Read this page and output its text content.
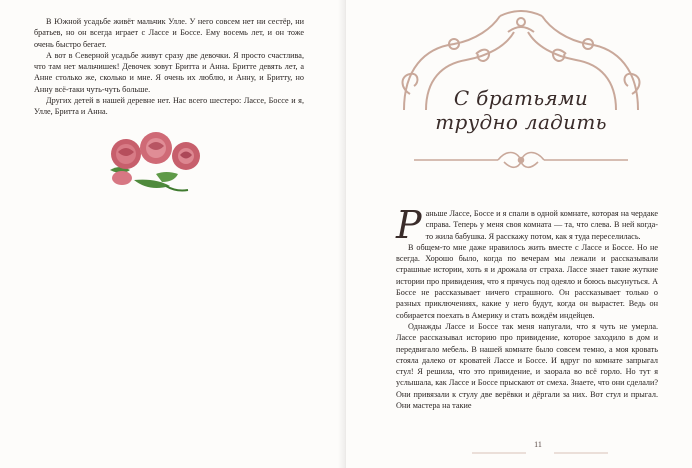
В Южной усадьбе живёт мальчик Улле. У него совсем нет ни сестёр, ни братьев, но он всегда играет с Лассе и Боссе. Ему восемь лет, и он тоже очень быстро бегает.

А вот в Северной усадьбе живут сразу две девочки. Я просто счастлива, что там нет мальчишек! Девочек зовут Бритта и Анна. Бритте девять лет, а Анне столько же, сколько и мне. Я очень их люблю, и Анну, и Бритту, но Анну всё-таки чуть-чуть больше.

Других детей в нашей деревне нет. Нас всего шестеро: Лассе, Боссе и я, Улле, Бритта и Анна.

С братьями
трудно ладить

Раньше Лассе, Боссе и я спали в одной комнате, которая на чердаке справа. Теперь у меня своя комната — та, что слева. В ней когда-то жила бабушка. Я расскажу потом, как я туда переселилась.

В общем-то мне даже нравилось жить вместе с Лассе и Боссе. Но не всегда. Хорошо было, когда по вечерам мы лежали и рассказывали страшные истории, хоть я и дрожала от страха. Лассе знает такие жуткие истории про привидения, что я прячусь под одеяло и боюсь высунуться. А Боссе не рассказывает ничего страшного. Он рассказывает только о разных приключениях, какие у него будут, когда он вырастет. Ведь он собирается поехать в Америку и стать вождём индейцев.

Однажды Лассе и Боссе так меня напугали, что я чуть не умерла. Лассе рассказывал историю про привидение, которое заходило в дом и передвигало мебель. В нашей комнате было совсем темно, а моя кровать стояла далеко от кроватей Лассе и Боссе. И вдруг по комнате запрыгал стул! Я решила, что это привидение, и заорала во всё горло. Но тут я услышала, как Лассе и Боссе прыскают от смеха. Знаете, что они сделали? Они привязали к стулу две верёвки и дёргали за них. Вот стул и прыгал. Они мастера на такие

11
